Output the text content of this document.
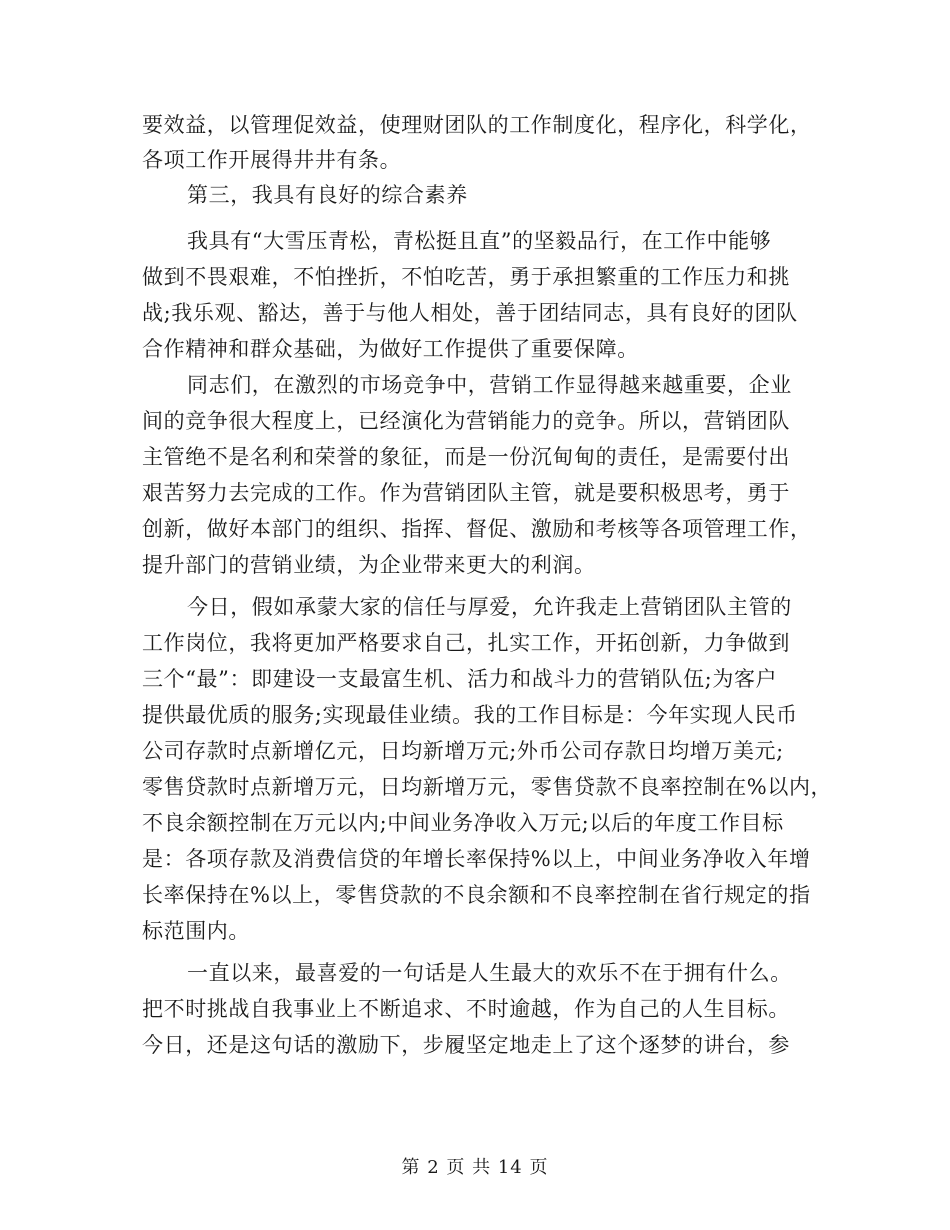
要效益，以管理促效益，使理财团队的工作制度化，程序化，科学化，
各项工作开展得井井有条。
第三，我具有良好的综合素养
我具有“大雪压青松，青松挺且直”的坚毅品行，在工作中能够
做到不畏艰难，不怕挫折，不怕吃苦，勇于承担繁重的工作压力和挑
战;我乐观、豁达，善于与他人相处，善于团结同志，具有良好的团队
合作精神和群众基础，为做好工作提供了重要保障。
同志们，在激烈的市场竞争中，营销工作显得越来越重要，企业
间的竞争很大程度上，已经演化为营销能力的竞争。所以，营销团队
主管绝不是名利和荣誉的象征，而是一份沉甸甸的责任，是需要付出
艰苦努力去完成的工作。作为营销团队主管，就是要积极思考，勇于
创新，做好本部门的组织、指挥、督促、激励和考核等各项管理工作，
提升部门的营销业绩，为企业带来更大的利润。
今日，假如承蒙大家的信任与厚爱，允许我走上营销团队主管的
工作岗位，我将更加严格要求自己，扎实工作，开拓创新，力争做到
三个“最”：即建设一支最富生机、活力和战斗力的营销队伍;为客户
提供最优质的服务;实现最佳业绩。我的工作目标是：今年实现人民币
公司存款时点新增亿元，日均新增万元;外币公司存款日均增万美元;
零售贷款时点新增万元，日均新增万元，零售贷款不良率控制在%以内，
不良余额控制在万元以内;中间业务净收入万元;以后的年度工作目标
是：各项存款及消费信贷的年增长率保持%以上，中间业务净收入年增
长率保持在%以上，零售贷款的不良余额和不良率控制在省行规定的指
标范围内。
一直以来，最喜爱的一句话是人生最大的欢乐不在于拥有什么。
把不时挑战自我事业上不断追求、不时逾越，作为自己的人生目标。
今日，还是这句话的激励下，步履坚定地走上了这个逐梦的讲台，参
第 2 页 共 14 页
